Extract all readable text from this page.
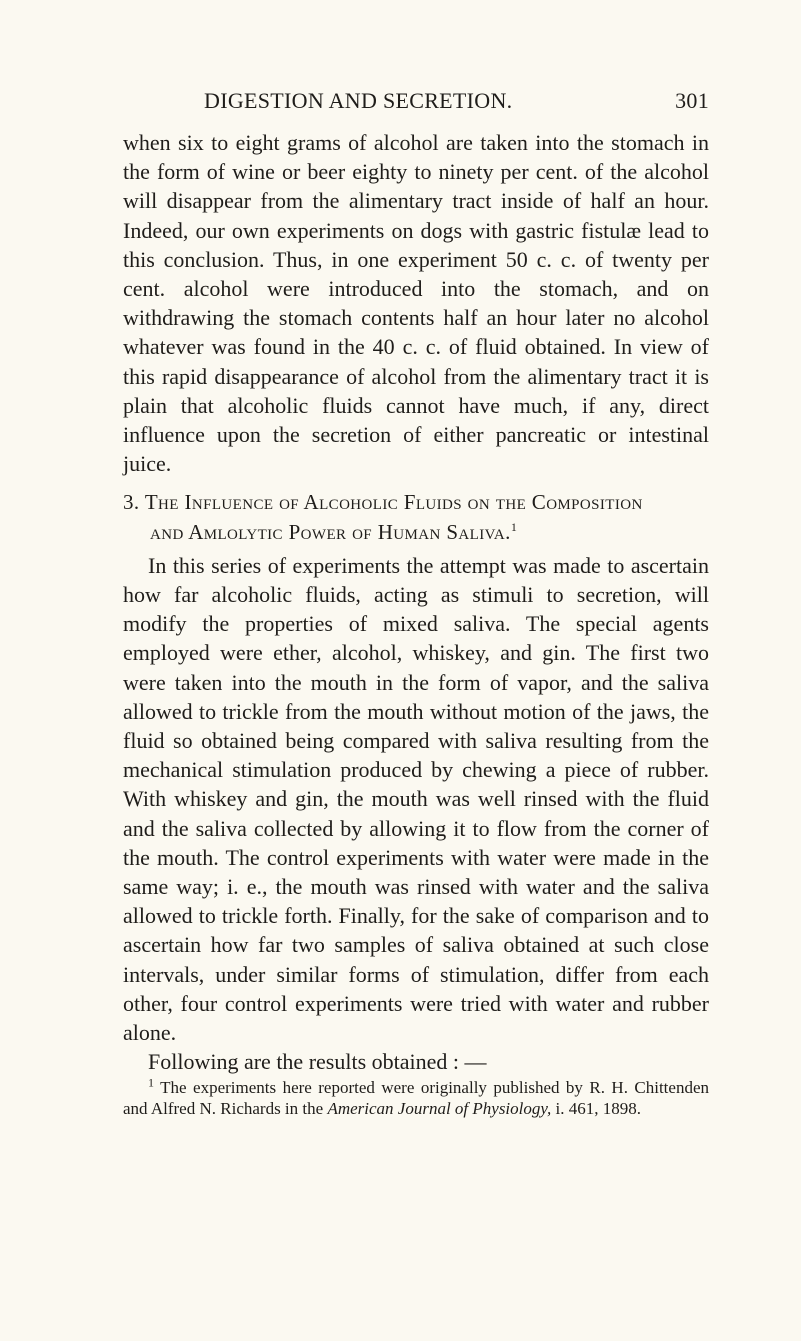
DIGESTION AND SECRETION.	301

when six to eight grams of alcohol are taken into the stomach in the form of wine or beer eighty to ninety per cent. of the alcohol will disappear from the alimentary tract inside of half an hour. Indeed, our own experiments on dogs with gastric fistulæ lead to this conclusion. Thus, in one experiment 50 c. c. of twenty per cent. alcohol were introduced into the stomach, and on withdrawing the stomach contents half an hour later no alcohol whatever was found in the 40 c. c. of fluid obtained. In view of this rapid disappearance of alcohol from the alimentary tract it is plain that alcoholic fluids cannot have much, if any, direct influence upon the secretion of either pancreatic or intestinal juice.

3. The Influence of Alcoholic Fluids on the Composition
and Amlolytic Power of Human Saliva.$^1$

In this series of experiments the attempt was made to ascertain how far alcoholic fluids, acting as stimuli to secretion, will modify the properties of mixed saliva. The special agents employed were ether, alcohol, whiskey, and gin. The first two were taken into the mouth in the form of vapor, and the saliva allowed to trickle from the mouth without motion of the jaws, the fluid so obtained being compared with saliva resulting from the mechanical stimulation produced by chewing a piece of rubber. With whiskey and gin, the mouth was well rinsed with the fluid and the saliva collected by allowing it to flow from the corner of the mouth. The control experiments with water were made in the same way; i. e., the mouth was rinsed with water and the saliva allowed to trickle forth. Finally, for the sake of comparison and to ascertain how far two samples of saliva obtained at such close intervals, under similar forms of stimulation, differ from each other, four control experiments were tried with water and rubber alone.

Following are the results obtained : —

$^1$ The experiments here reported were originally published by R. H. Chittenden and Alfred N. Richards in the American Journal of Physiology, i. 461, 1898.
